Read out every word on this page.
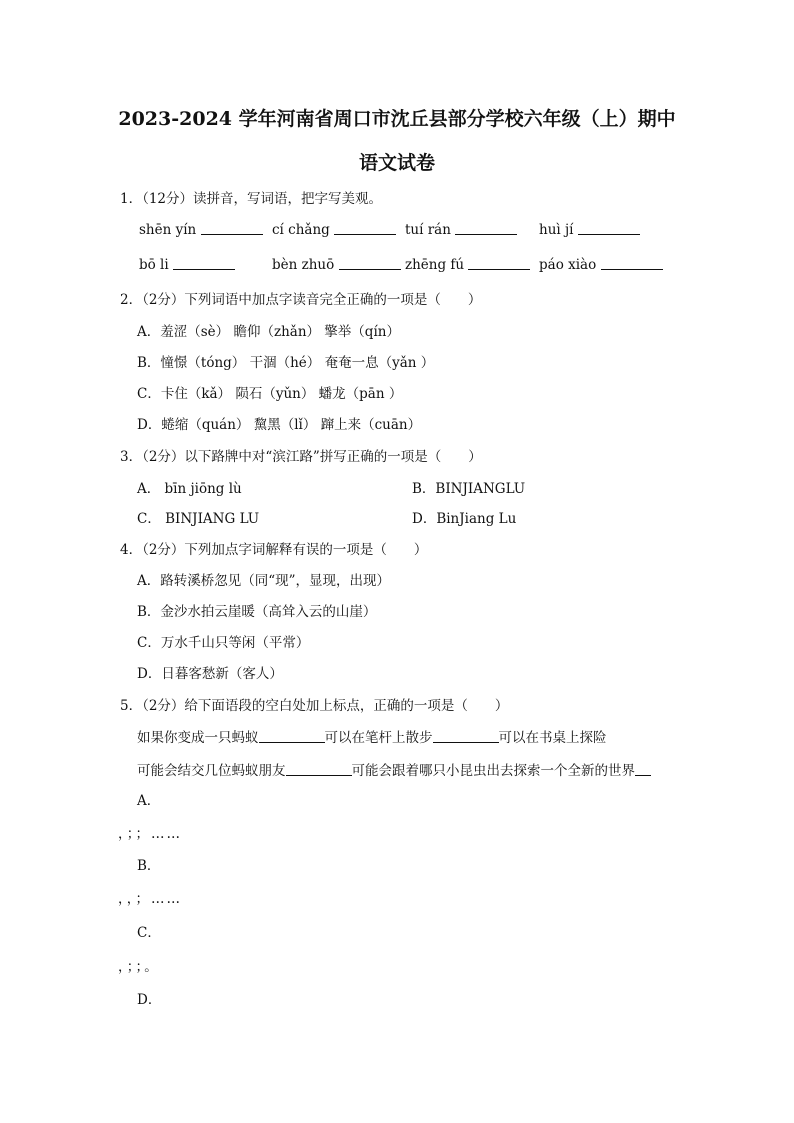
2023-2024 学年河南省周口市沈丘县部分学校六年级（上）期中
语文试卷
1．（12分）读拼音，写词语，把字写美观。
shēn yín	cí chǎng	tuí rán	huì jí
bō li	bèn zhuō	zhēng fú	páo xiào
2．（2分）下列词语中加点字读音完全正确的一项是（　　）
A．羞涩（sè） 瞻仰（zhǎn） 擎举（qín）
B．憧憬（tóng） 干涸（hé） 奄奄一息（yǎn ）
C．卡住（kǎ） 陨石（yǔn） 蟠龙（pān ）
D．蜷缩（quán） 黧黑（lǐ） 蹿上来（cuān）
3．（2分）以下路牌中对“滨江路”拼写正确的一项是（　　）
A． bīn jiōng lù	B．BINJIANGLU
C． BINJIANG LU	D．BinJiang Lu
4．（2分）下列加点字词解释有误的一项是（　　）
A．路转溪桥忽见（同“现”，显现，出现）
B．金沙水拍云崖暖（高耸入云的山崖）
C．万水千山只等闲（平常）
D．日暮客愁新（客人）
5．（2分）给下面语段的空白处加上标点，正确的一项是（　　）
如果你变成一只蚂蚁	可以在笔杆上散步	可以在书桌上探险
可能会结交几位蚂蚁朋友	可能会跟着哪只小昆虫出去探索一个全新的世界
A．
，；；……
B．
，，；……
C．
，；；。
D．
